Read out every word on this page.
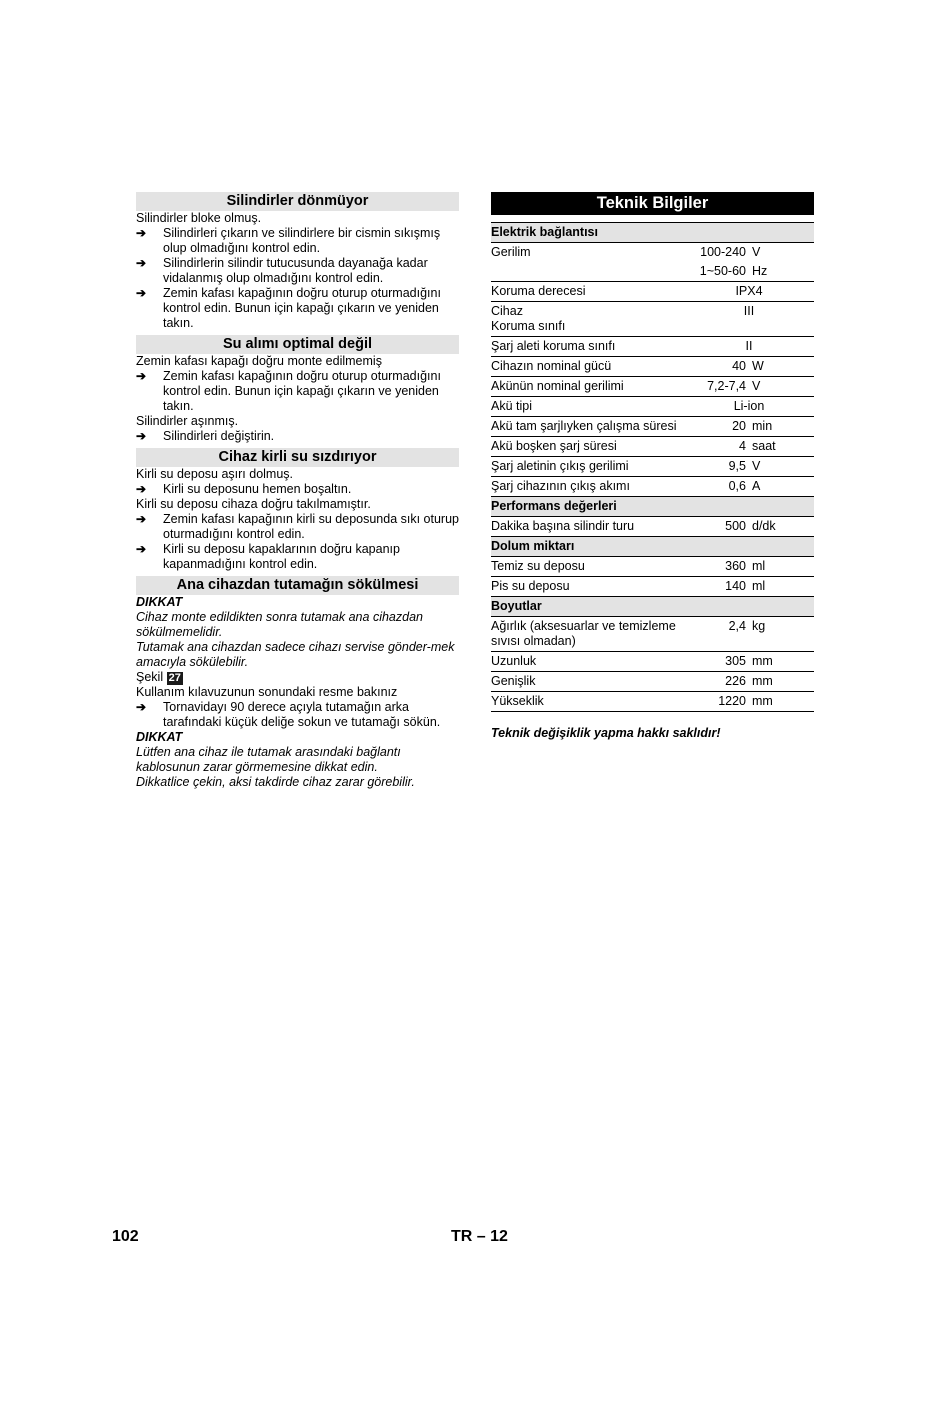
Silindirler dönmüyor

Silindirler bloke olmuş.

➔	Silindirleri çıkarın ve silindirlere bir cismin sıkışmış olup olmadığını kontrol edin.
➔	Silindirlerin silindir tutucusunda dayanağa kadar vidalanmış olup olmadığını kontrol edin.
➔	Zemin kafası kapağının doğru oturup oturmadığını kontrol edin. Bunun için kapağı çıkarın ve yeniden takın.
Su alımı optimal değil

Zemin kafası kapağı doğru monte edilmemiş

➔	Zemin kafası kapağının doğru oturup oturmadığını kontrol edin. Bunun için kapağı çıkarın ve yeniden takın.

Silindirler aşınmış.

➔	Silindirleri değiştirin.
Cihaz kirli su sızdırıyor

Kirli su deposu aşırı dolmuş.

➔	Kirli su deposunu hemen boşaltın.

Kirli su deposu cihaza doğru takılmamıştır.

➔	Zemin kafası kapağının kirli su deposunda sıkı oturup oturmadığını kontrol edin.
➔	Kirli su deposu kapaklarının doğru kapanıp kapanmadığını kontrol edin.
Ana cihazdan tutamağın sökülmesi

DIKKAT

Cihaz monte edildikten sonra tutamak ana cihazdan sökülmemelidir.

Tutamak ana cihazdan sadece cihazı servise gönder-mek amacıyla sökülebilir.

Şekil 27

Kullanım kılavuzunun sonundaki resme bakınız

➔	Tornavidayı 90 derece açıyla tutamağın arka tarafındaki küçük deliğe sokun ve tutamağı sökün.

DIKKAT

Lütfen ana cihaz ile tutamak arasındaki bağlantı kablosunun zarar görmemesine dikkat edin.

Dikkatlice çekin, aksi takdirde cihaz zarar görebilir.

Teknik Bilgiler
Elektrik bağlantısı		
Gerilim	100-240	V
	1~50-60	Hz
Koruma derecesi	IPX4	

Cihaz
Koruma sınıfı	III	
Şarj aleti koruma sınıfı	II	
Cihazın nominal gücü	40	W
Akünün nominal gerilimi	7,2-7,4	V
Akü tipi	Li-ion	
Akü tam şarjlıyken çalışma süresi	20	min
Akü boşken şarj süresi	4	saat
Şarj aletinin çıkış gerilimi	9,5	V
Şarj cihazının çıkış akımı	0,6	A
Performans değerleri		
Dakika başına silindir turu	500	d/dk
Dolum miktarı		
Temiz su deposu	360	ml
Pis su deposu	140	ml
Boyutlar		
Ağırlık (aksesuarlar ve temizleme sıvısı olmadan)	2,4	kg
Uzunluk	305	mm
Genişlik	226	mm
Yükseklik	1220	mm
Teknik değişiklik yapma hakkı saklıdır!
102	TR – 12
